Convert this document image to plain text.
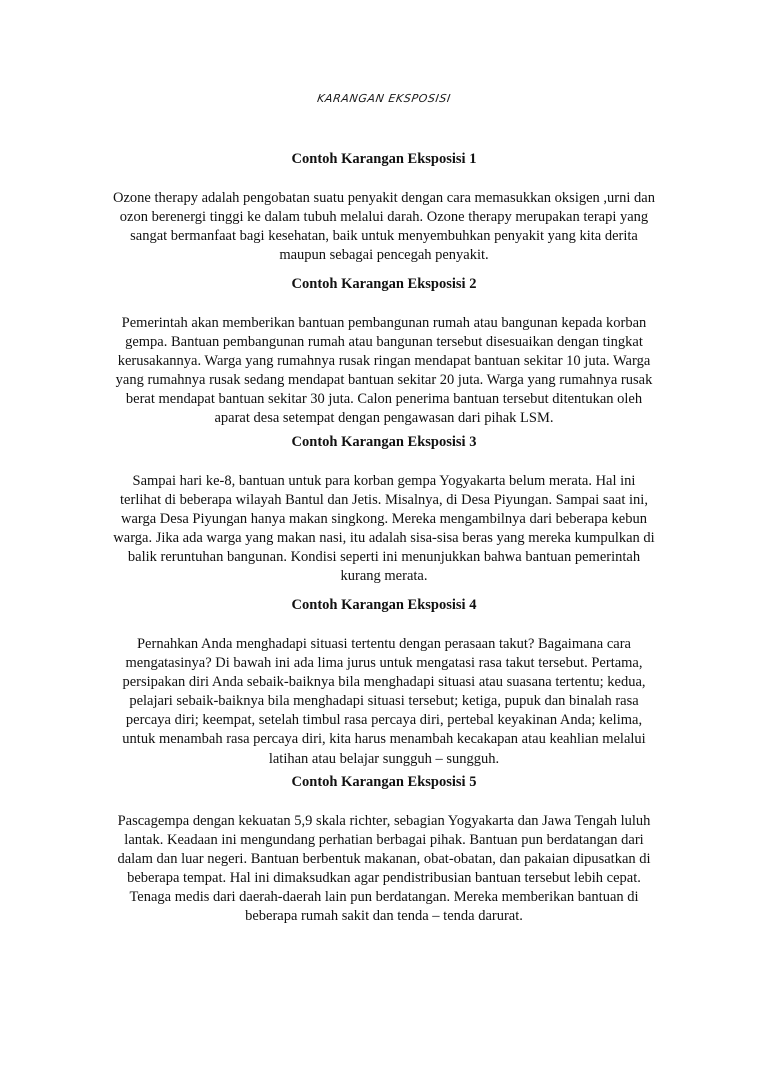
KARANGAN EKSPOSISI
Contoh Karangan Eksposisi 1

Ozone therapy adalah pengobatan suatu penyakit dengan cara memasukkan oksigen ,urni dan
ozon berenergi tinggi ke dalam tubuh melalui darah. Ozone therapy merupakan terapi yang
sangat bermanfaat bagi kesehatan, baik untuk menyembuhkan penyakit yang kita derita
maupun sebagai pencegah penyakit.

Contoh Karangan Eksposisi 2

Pemerintah akan memberikan bantuan pembangunan rumah atau bangunan kepada korban
gempa. Bantuan pembangunan rumah atau bangunan tersebut disesuaikan dengan tingkat
kerusakannya. Warga yang rumahnya rusak ringan mendapat bantuan sekitar 10 juta. Warga
yang rumahnya rusak sedang mendapat bantuan sekitar 20 juta. Warga yang rumahnya rusak
berat mendapat bantuan sekitar 30 juta. Calon penerima bantuan tersebut ditentukan oleh
aparat desa setempat dengan pengawasan dari pihak LSM.

Contoh Karangan Eksposisi 3

Sampai hari ke-8, bantuan untuk para korban gempa Yogyakarta belum merata. Hal ini
terlihat di beberapa wilayah Bantul dan Jetis. Misalnya, di Desa Piyungan. Sampai saat ini,
warga Desa Piyungan hanya makan singkong. Mereka mengambilnya dari beberapa kebun
warga. Jika ada warga yang makan nasi, itu adalah sisa-sisa beras yang mereka kumpulkan di
balik reruntuhan bangunan. Kondisi seperti ini menunjukkan bahwa bantuan pemerintah
kurang merata.

Contoh Karangan Eksposisi 4

Pernahkan Anda menghadapi situasi tertentu dengan perasaan takut? Bagaimana cara
mengatasinya? Di bawah ini ada lima jurus untuk mengatasi rasa takut tersebut. Pertama,
persipakan diri Anda sebaik-baiknya bila menghadapi situasi atau suasana tertentu; kedua,
pelajari sebaik-baiknya bila menghadapi situasi tersebut; ketiga, pupuk dan binalah rasa
percaya diri; keempat, setelah timbul rasa percaya diri, pertebal keyakinan Anda; kelima,
untuk menambah rasa percaya diri, kita harus menambah kecakapan atau keahlian melalui
latihan atau belajar sungguh – sungguh.

Contoh Karangan Eksposisi 5

Pascagempa dengan kekuatan 5,9 skala richter, sebagian Yogyakarta dan Jawa Tengah luluh
lantak. Keadaan ini mengundang perhatian berbagai pihak. Bantuan pun berdatangan dari
dalam dan luar negeri. Bantuan berbentuk makanan, obat-obatan, dan pakaian dipusatkan di
beberapa tempat. Hal ini dimaksudkan agar pendistribusian bantuan tersebut lebih cepat.
Tenaga medis dari daerah-daerah lain pun berdatangan. Mereka memberikan bantuan di
beberapa rumah sakit dan tenda – tenda darurat.
